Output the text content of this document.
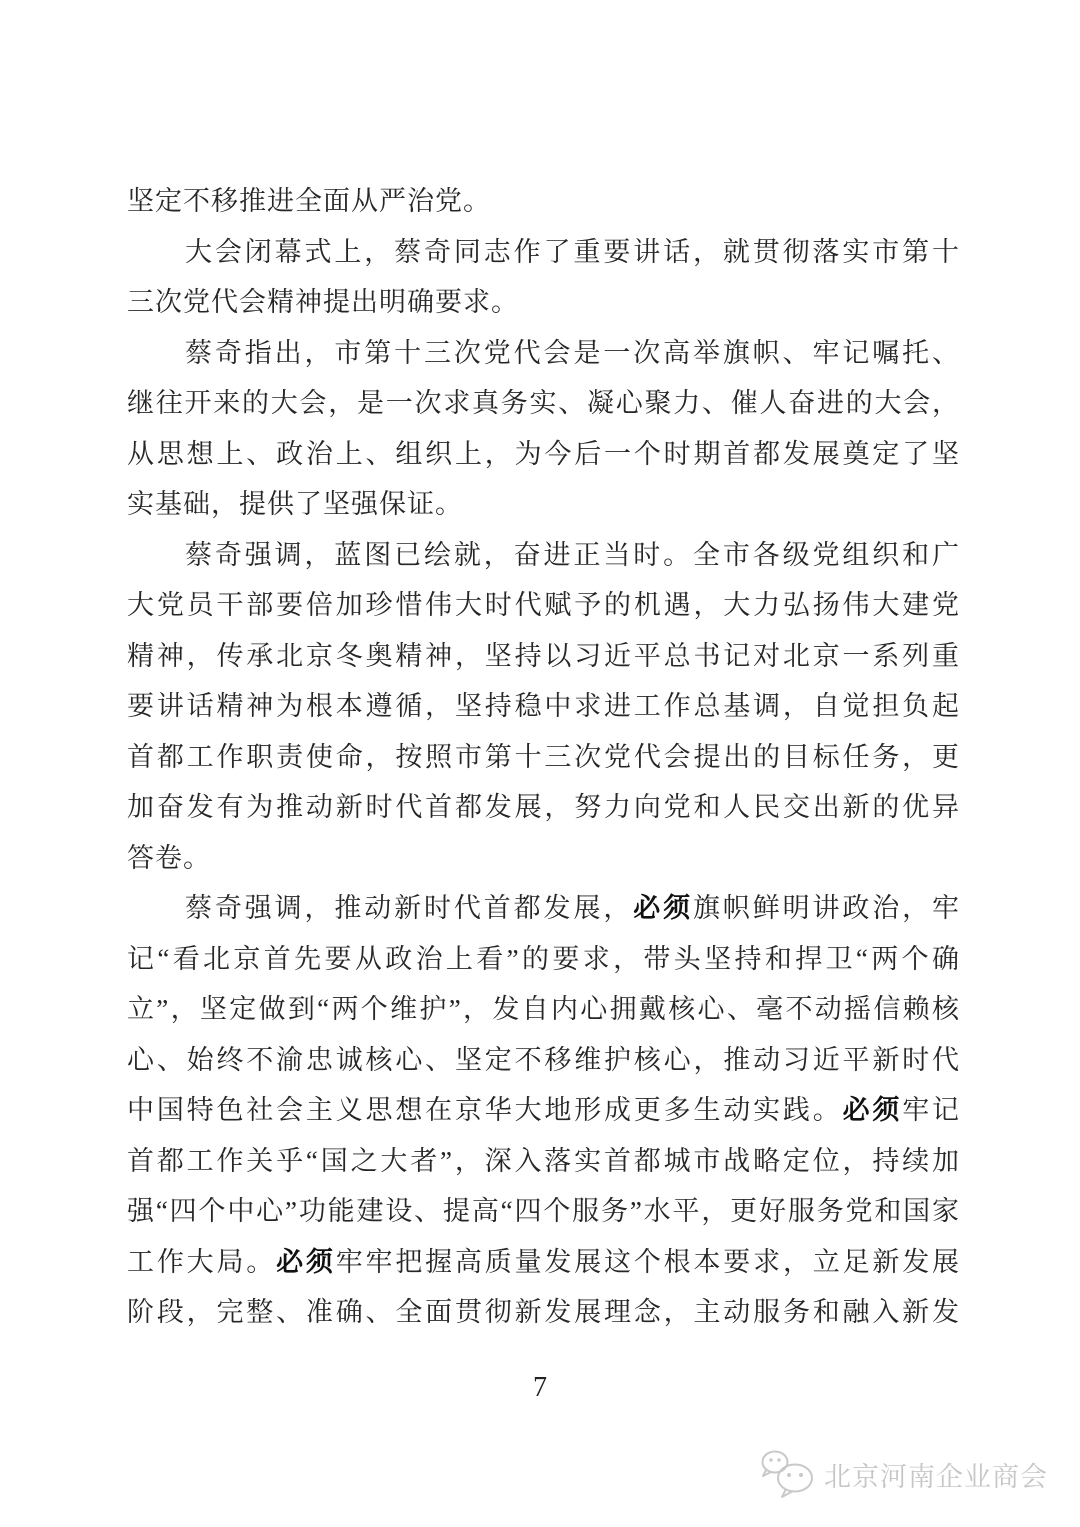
坚定不移推进全面从严治党。
大会闭幕式上，蔡奇同志作了重要讲话，就贯彻落实市第十
三次党代会精神提出明确要求。
蔡奇指出，市第十三次党代会是一次高举旗帜、牢记嘱托、
继往开来的大会，是一次求真务实、凝心聚力、催人奋进的大会，
从思想上、政治上、组织上，为今后一个时期首都发展奠定了坚
实基础，提供了坚强保证。
蔡奇强调，蓝图已绘就，奋进正当时。全市各级党组织和广
大党员干部要倍加珍惜伟大时代赋予的机遇，大力弘扬伟大建党
精神，传承北京冬奥精神，坚持以习近平总书记对北京一系列重
要讲话精神为根本遵循，坚持稳中求进工作总基调，自觉担负起
首都工作职责使命，按照市第十三次党代会提出的目标任务，更
加奋发有为推动新时代首都发展，努力向党和人民交出新的优异
答卷。
蔡奇强调，推动新时代首都发展，必须旗帜鲜明讲政治，牢
记“看北京首先要从政治上看”的要求，带头坚持和捍卫“两个确
立”，坚定做到“两个维护”，发自内心拥戴核心、毫不动摇信赖核
心、始终不渝忠诚核心、坚定不移维护核心，推动习近平新时代
中国特色社会主义思想在京华大地形成更多生动实践。必须牢记
首都工作关乎“国之大者”，深入落实首都城市战略定位，持续加
强“四个中心”功能建设、提高“四个服务”水平，更好服务党和国家
工作大局。必须牢牢把握高质量发展这个根本要求，立足新发展
阶段，完整、准确、全面贯彻新发展理念，主动服务和融入新发
7
北京河南企业商会
